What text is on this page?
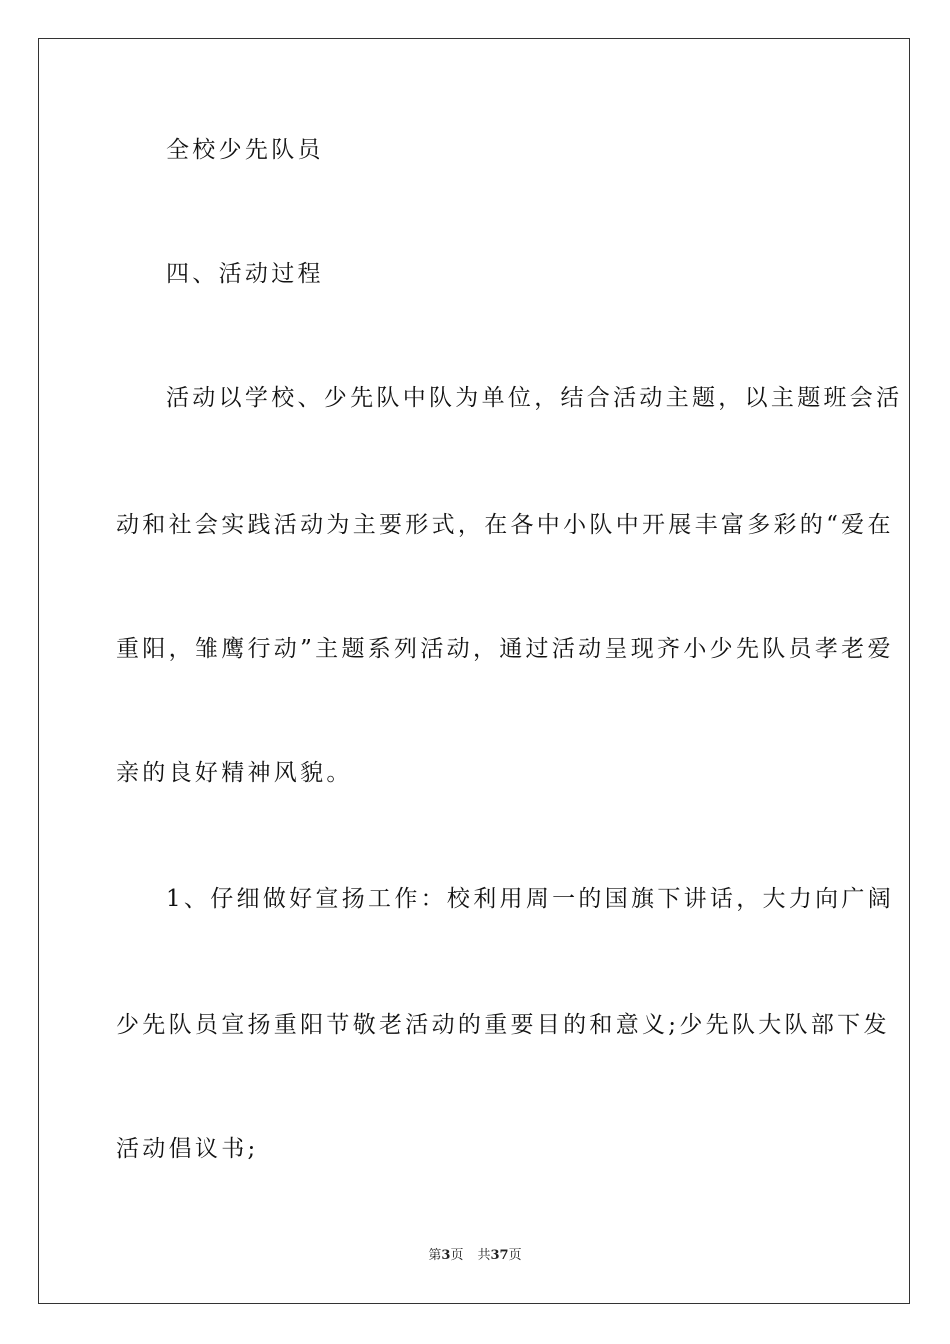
全校少先队员
四、活动过程
活动以学校、少先队中队为单位，结合活动主题，以主题班会活
动和社会实践活动为主要形式，在各中小队中开展丰富多彩的“爱在
重阳，雏鹰行动”主题系列活动，通过活动呈现齐小少先队员孝老爱
亲的良好精神风貌。
1、仔细做好宣扬工作：校利用周一的国旗下讲话，大力向广阔
少先队员宣扬重阳节敬老活动的重要目的和意义;少先队大队部下发
活动倡议书;
第3页 共37页
